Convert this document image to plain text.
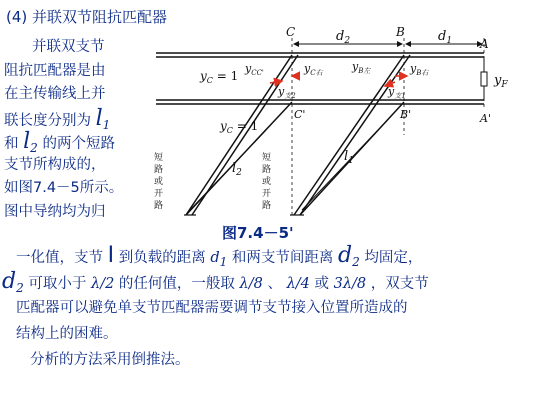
(4) 并联双节阻抗匹配器
并联双支节
阻抗匹配器是由
在主传输线上并
联长度分别为 $l_1$
和 $l_2$ 的两个短路
支节所构成的，
如图7.4－5所示。
图中导纳均为归
C
C'
B
B'
A
A'
$d_2$	$d_1$
$y_F$
$y_C = 1$
$y_{CC'}$	$y_{C右}$
$y_{支2}$
$y_{B左}$	$y_{B右}$
$y_{支1}$
$y_C = 1$
$l_2$
$l_1$
短
路
或
开
路
短
路
或
开
路
图7.4－5'
一化值，支节 Ⅰ 到负载的距离 $d_1$ 和两支节间距离 $d_2$ 均固定，
$d_2$ 可取小于 λ/2 的任何值，一般取 λ/8 、 λ/4 或 3λ/8 ，双支节
匹配器可以避免单支节匹配器需要调节支节接入位置所造成的
结构上的困难。
分析的方法采用倒推法。
